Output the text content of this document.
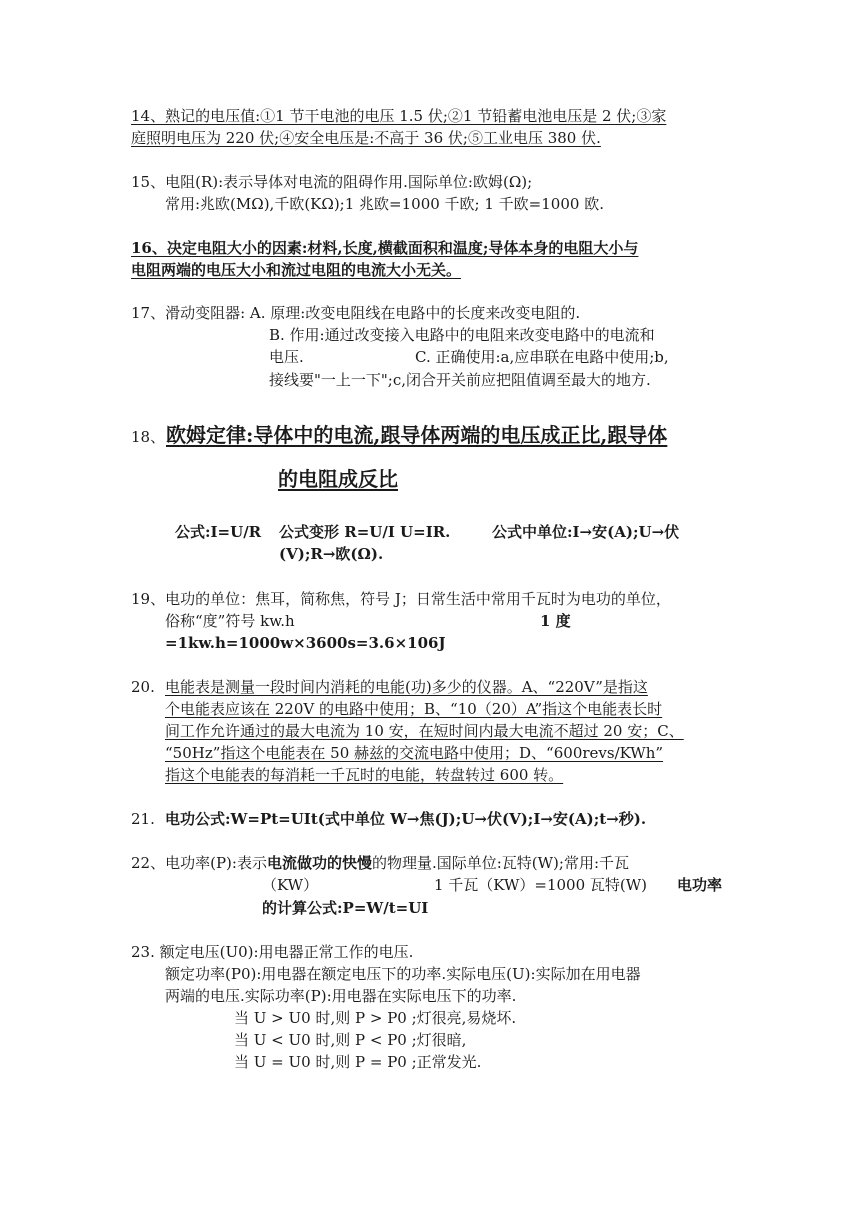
14、熟记的电压值:①1 节干电池的电压 1.5 伏;②1 节铅蓄电池电压是 2 伏;③家
庭照明电压为 220 伏;④安全电压是:不高于 36 伏;⑤工业电压 380 伏.
15、电阻(R):表示导体对电流的阻碍作用.国际单位:欧姆(Ω);
常用:兆欧(MΩ),千欧(KΩ);1 兆欧=1000 千欧; 1 千欧=1000 欧.
16、决定电阻大小的因素:材料,长度,横截面积和温度;导体本身的电阻大小与
电阻两端的电压大小和流过电阻的电流大小无关。
17、滑动变阻器: A. 原理:改变电阻线在电路中的长度来改变电阻的.
B. 作用:通过改变接入电路中的电阻来改变电路中的电流和
电压.	C. 正确使用:a,应串联在电路中使用;b,
接线要"一上一下";c,闭合开关前应把阻值调至最大的地方.
18、 欧姆定律:导体中的电流,跟导体两端的电压成正比,跟导体
的电阻成反比
公式:I=U/R 公式变形 R=U/I U=IR.	公式中单位:I→安(A);U→伏
(V);R→欧(Ω).
19、电功的单位：焦耳，简称焦，符号 J；日常生活中常用千瓦时为电功的单位，
俗称“度”符号 kw.h	1 度
=1kw.h=1000w×3600s=3.6×106J
20. 电能表是测量一段时间内消耗的电能(功)多少的仪器。A、“220V”是指这
个电能表应该在 220V 的电路中使用；B、“10（20）A”指这个电能表长时
间工作允许通过的最大电流为 10 安，在短时间内最大电流不超过 20 安；C、
“50Hz”指这个电能表在 50 赫兹的交流电路中使用；D、“600revs/KWh”
指这个电能表的每消耗一千瓦时的电能，转盘转过 600 转。
21. 电功公式:W=Pt=UIt(式中单位 W→焦(J);U→伏(V);I→安(A);t→秒).
22、电功率(P):表示电流做功的快慢的物理量.国际单位:瓦特(W);常用:千瓦
（KW）	1 千瓦（KW）=1000 瓦特(W) 电功率
的计算公式:P=W/t=UI
23. 额定电压(U0):用电器正常工作的电压.
额定功率(P0):用电器在额定电压下的功率.实际电压(U):实际加在用电器
两端的电压.实际功率(P):用电器在实际电压下的功率.
当 U > U0 时,则 P > P0 ;灯很亮,易烧坏.
当 U < U0 时,则 P < P0 ;灯很暗,
当 U = U0 时,则 P = P0 ;正常发光.
